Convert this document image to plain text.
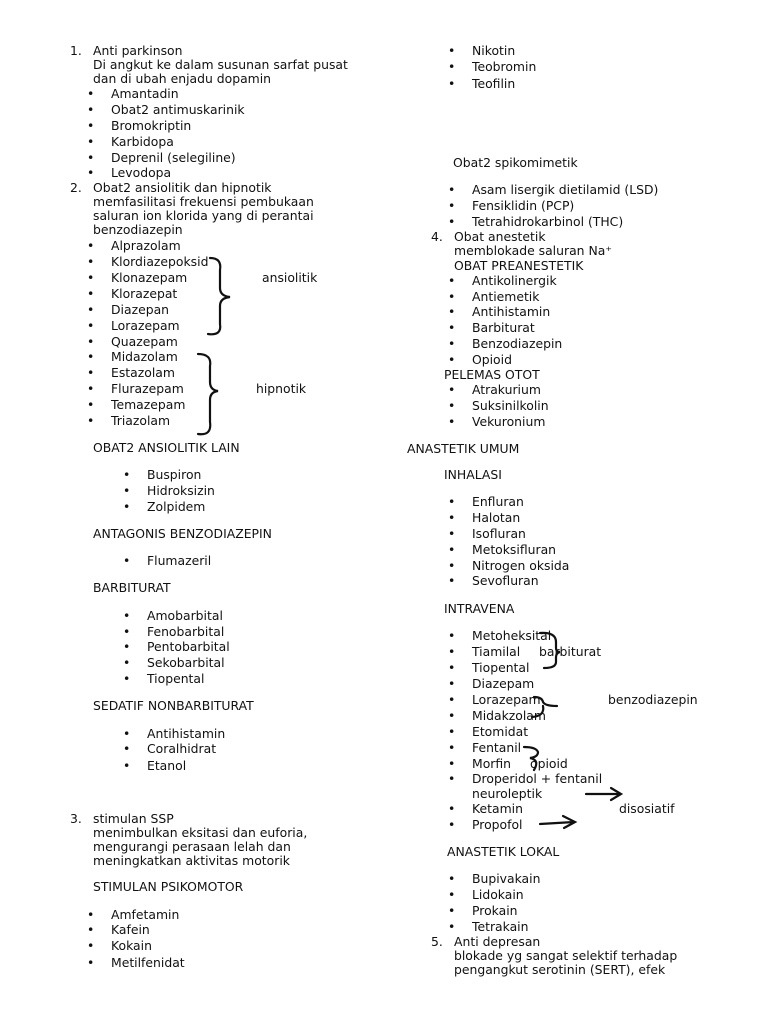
1. Anti parkinson
Di angkut ke dalam susunan sarfat pusat
dan di ubah enjadu dopamin
• Amantadin
• Obat2 antimuskarinik
• Bromokriptin
• Karbidopa
• Deprenil (selegiline)
• Levodopa
2. Obat2 ansiolitik dan hipnotik
memfasilitasi frekuensi pembukaan
saluran ion klorida yang di perantai
benzodiazepin
• Alprazolam
• Klordiazepoksid
• Klonazepam
• Klorazepat
• Diazepan
• Lorazepam
• Quazepam
• Midazolam
• Estazolam
• Flurazepam
• Temazepam
• Triazolam
ansiolitik
hipnotik
OBAT2 ANSIOLITIK LAIN
• Buspiron
• Hidroksizin
• Zolpidem
ANTAGONIS BENZODIAZEPIN
• Flumazeril
BARBITURAT
• Amobarbital
• Fenobarbital
• Pentobarbital
• Sekobarbital
• Tiopental
SEDATIF NONBARBITURAT
• Antihistamin
• Coralhidrat
• Etanol
3. stimulan SSP
menimbulkan eksitasi dan euforia,
mengurangi perasaan lelah dan
meningkatkan aktivitas motorik
STIMULAN PSIKOMOTOR
• Amfetamin
• Kafein
• Kokain
• Metilfenidat
• Nikotin
• Teobromin
• Teofilin
Obat2 spikomimetik
• Asam lisergik dietilamid (LSD)
• Fensiklidin (PCP)
• Tetrahidrokarbinol (THC)
4. Obat anestetik
memblokade saluran Na⁺
OBAT PREANESTETIK
• Antikolinergik
• Antiemetik
• Antihistamin
• Barbiturat
• Benzodiazepin
• Opioid
PELEMAS OTOT
• Atrakurium
• Suksinilkolin
• Vekuronium
ANASTETIK UMUM
INHALASI
• Enfluran
• Halotan
• Isofluran
• Metoksifluran
• Nitrogen oksida
• Sevofluran
INTRAVENA
• Metoheksital
• Tiamilal
• Tiopental
• Diazepam
• Lorazepam
• Midakzolam
• Etomidat
• Fentanil
• Morfin
• Droperidol + fentanil
neuroleptik
• Ketamin
• Propofol
barbiturat
benzodiazepin
opioid
disosiatif
ANASTETIK LOKAL
• Bupivakain
• Lidokain
• Prokain
• Tetrakain
5. Anti depresan
blokade yg sangat selektif terhadap
pengangkut serotinin (SERT), efek
